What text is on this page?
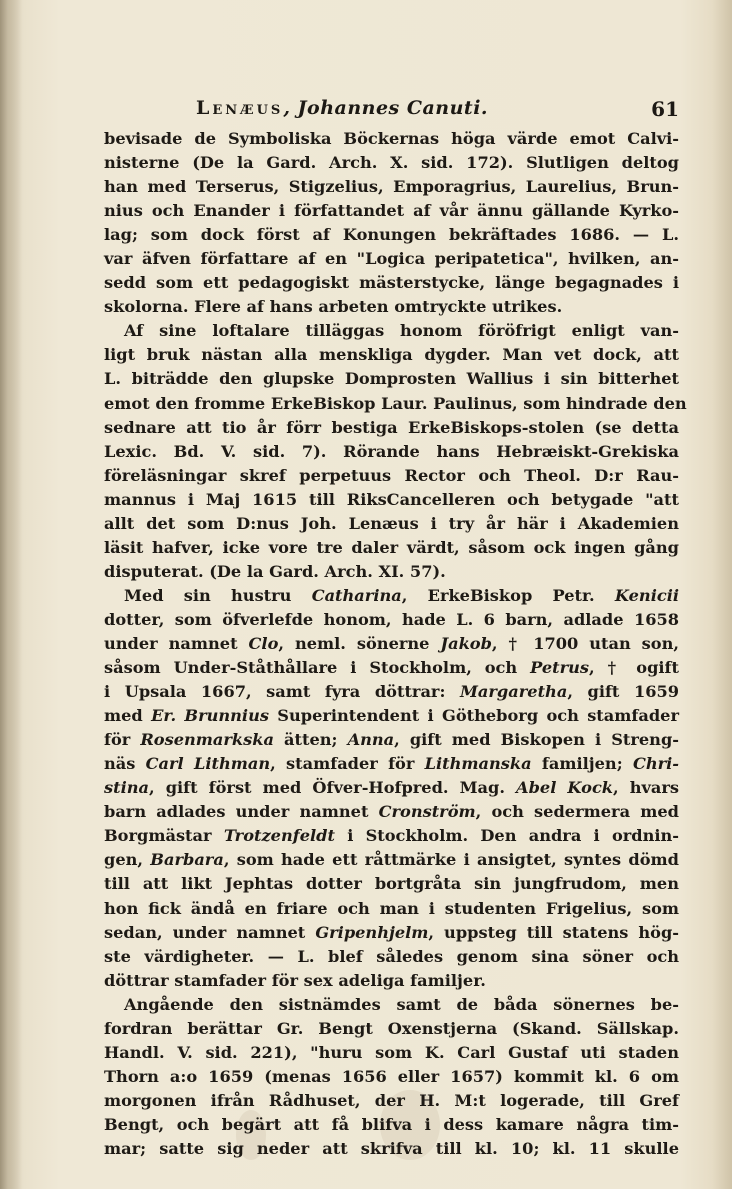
Lenæus, Johannes Canuti.	61
bevisade de Symboliska Böckernas höga värde emot Calvi-
nisterne (De la Gard. Arch. X. sid. 172). Slutligen deltog
han med Terserus, Stigzelius, Emporagrius, Laurelius, Brun-
nius och Enander i författandet af vår ännu gällande Kyrko-
lag; som dock först af Konungen bekräftades 1686. — L.
var äfven författare af en "Logica peripatetica", hvilken, an-
sedd som ett pedagogiskt mästerstycke, länge begagnades i
skolorna. Flere af hans arbeten omtryckte utrikes.
Af sine loftalare tilläggas honom föröfrigt enligt van-
ligt bruk nästan alla menskliga dygder. Man vet dock, att
L. biträdde den glupske Domprosten Wallius i sin bitterhet
emot den fromme ErkeBiskop Laur. Paulinus, som hindrade den
sednare att tio år förr bestiga ErkeBiskops-stolen (se detta
Lexic. Bd. V. sid. 7). Rörande hans Hebræiskt-Grekiska
föreläsningar skref perpetuus Rector och Theol. D:r Rau-
mannus i Maj 1615 till RiksCancelleren och betygade "att
allt det som D:nus Joh. Lenæus i try år här i Akademien
läsit hafver, icke vore tre daler värdt, såsom ock ingen gång
disputerat. (De la Gard. Arch. XI. 57).
Med sin hustru Catharina, ErkeBiskop Petr. Kenicii
dotter, som öfverlefde honom, hade L. 6 barn, adlade 1658
under namnet Clo, neml. sönerne Jakob, † 1700 utan son,
såsom Under-Ståthållare i Stockholm, och Petrus, † ogift
i Upsala 1667, samt fyra döttrar: Margaretha, gift 1659
med Er. Brunnius Superintendent i Götheborg och stamfader
för Rosenmarkska ätten; Anna, gift med Biskopen i Streng-
näs Carl Lithman, stamfader för Lithmanska familjen; Chri-
stina, gift först med Öfver-Hofpred. Mag. Abel Kock, hvars
barn adlades under namnet Cronström, och sedermera med
Borgmästar Trotzenfeldt i Stockholm. Den andra i ordnin-
gen, Barbara, som hade ett råttmärke i ansigtet, syntes dömd
till att likt Jephtas dotter bortgråta sin jungfrudom, men
hon fick ändå en friare och man i studenten Frigelius, som
sedan, under namnet Gripenhjelm, uppsteg till statens hög-
ste värdigheter. — L. blef således genom sina söner och
döttrar stamfader för sex adeliga familjer.
Angående den sistnämdes samt de båda sönernes be-
fordran berättar Gr. Bengt Oxenstjerna (Skand. Sällskap.
Handl. V. sid. 221), "huru som K. Carl Gustaf uti staden
Thorn a:o 1659 (menas 1656 eller 1657) kommit kl. 6 om
morgonen ifrån Rådhuset, der H. M:t logerade, till Gref
Bengt, och begärt att få blifva i dess kamare några tim-
mar; satte sig neder att skrifva till kl. 10; kl. 11 skulle
